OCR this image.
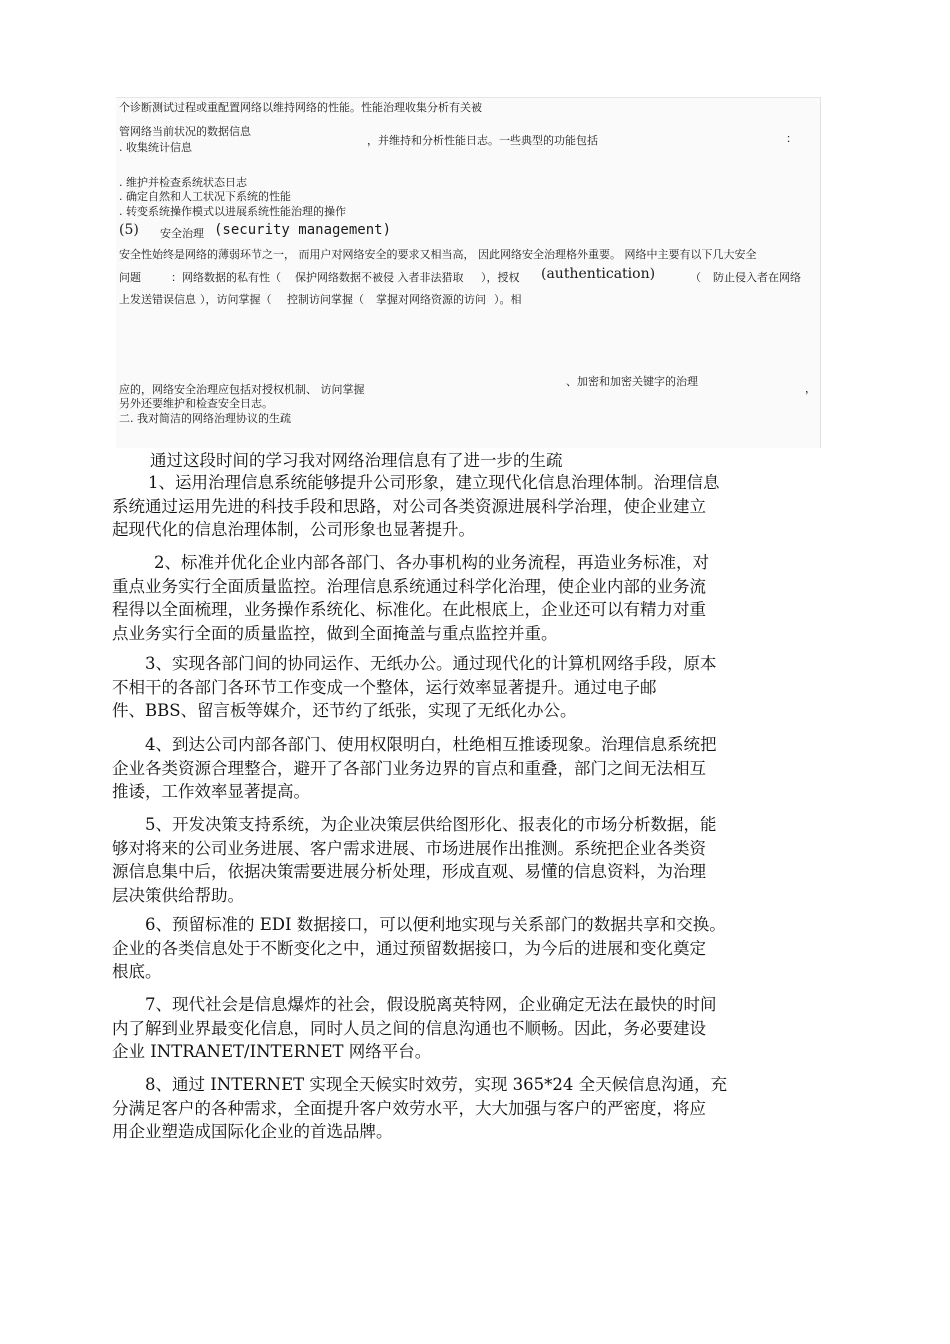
个诊断测试过程或重配置网络以维持网络的性能。性能治理收集分析有关被
管网络当前状况的数据信息
，并维持和分析性能日志。一些典型的功能包括	：
. 收集统计信息
. 维护并检查系统状态日志
. 确定自然和人工状况下系统的性能
. 转变系统操作模式以进展系统性能治理的操作
(5) 安全治理 (security management)
安全性始终是网络的薄弱环节之一， 而用户对网络安全的要求又相当高， 因此网络安全治理格外重要。 网络中主要有以下几大安全
问题	：网络数据的私有性（ 保护网络数据不被侵 入者非法猎取 ），授权 (authentication)	（ 防止侵入者在网络
上发送错误信息 ），访问掌握（ 控制访问掌握（ 掌握对网络资源的访问 ）。相
、加密和加密关键字的治理
应的，网络安全治理应包括对授权机制、 访问掌握	，
另外还要维护和检查安全日志。
二. 我对简洁的网络治理协议的生疏
通过这段时间的学习我对网络治理信息有了进一步的生疏
1、运用治理信息系统能够提升公司形象，建立现代化信息治理体制。治理信息
系统通过运用先进的科技手段和思路，对公司各类资源进展科学治理，使企业建立
起现代化的信息治理体制，公司形象也显著提升。
2、标准并优化企业内部各部门、各办事机构的业务流程，再造业务标准，对
重点业务实行全面质量监控。治理信息系统通过科学化治理，使企业内部的业务流
程得以全面梳理，业务操作系统化、标准化。在此根底上，企业还可以有精力对重
点业务实行全面的质量监控，做到全面掩盖与重点监控并重。
3、实现各部门间的协同运作、无纸办公。通过现代化的计算机网络手段，原本
不相干的各部门各环节工作变成一个整体，运行效率显著提升。通过电子邮
件、BBS、留言板等媒介，还节约了纸张，实现了无纸化办公。
4、到达公司内部各部门、使用权限明白，杜绝相互推诿现象。治理信息系统把
企业各类资源合理整合，避开了各部门业务边界的盲点和重叠，部门之间无法相互
推诿，工作效率显著提高。
5、开发决策支持系统，为企业决策层供给图形化、报表化的市场分析数据，能
够对将来的公司业务进展、客户需求进展、市场进展作出推测。系统把企业各类资
源信息集中后，依据决策需要进展分析处理，形成直观、易懂的信息资料，为治理
层决策供给帮助。
6、预留标准的 EDI 数据接口，可以便利地实现与关系部门的数据共享和交换。
企业的各类信息处于不断变化之中，通过预留数据接口，为今后的进展和变化奠定
根底。
7、现代社会是信息爆炸的社会，假设脱离英特网，企业确定无法在最快的时间
内了解到业界最变化信息，同时人员之间的信息沟通也不顺畅。因此，务必要建设
企业 INTRANET/INTERNET 网络平台。
8、通过 INTERNET 实现全天候实时效劳，实现 365*24 全天候信息沟通，充
分满足客户的各种需求，全面提升客户效劳水平，大大加强与客户的严密度，将应
用企业塑造成国际化企业的首选品牌。
